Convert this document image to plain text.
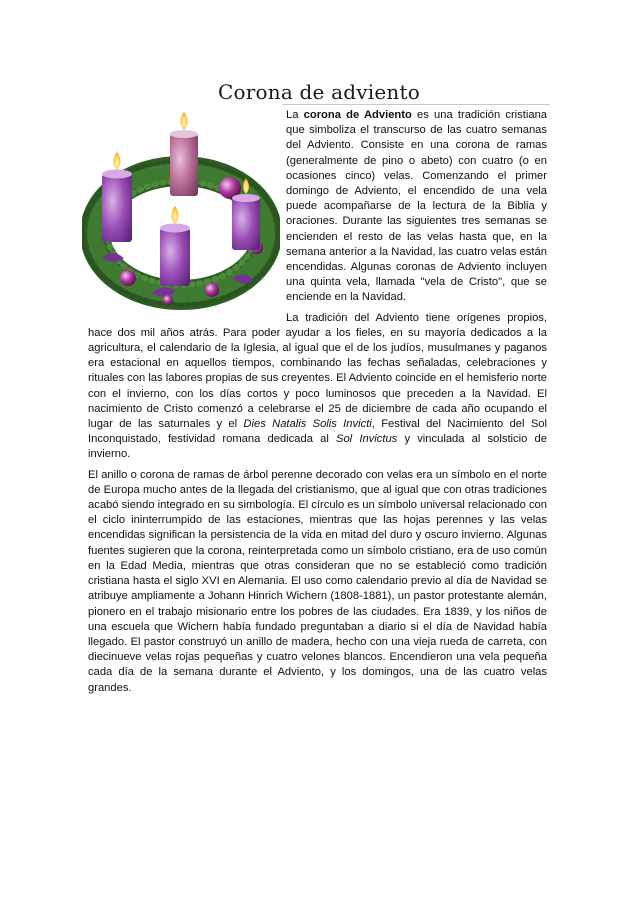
Corona de adviento

La corona de Adviento es una tradición cristiana que simboliza el transcurso de las cuatro semanas del Adviento. Consiste en una corona de ramas (generalmente de pino o abeto) con cuatro (o en ocasiones cinco) velas. Comenzando el primer domingo de Adviento, el encendido de una vela puede acompañarse de la lectura de la Biblia y oraciones. Durante las siguientes tres semanas se encienden el resto de las velas hasta que, en la semana anterior a la Navidad, las cuatro velas están encendidas. Algunas coronas de Adviento incluyen una quinta vela, llamada "vela de Cristo", que se enciende en la Navidad.

La tradición del Adviento tiene orígenes propios, hace dos mil años atrás. Para poder ayudar a los fieles, en su mayoría dedicados a la agricultura, el calendario de la Iglesia, al igual que el de los judíos, musulmanes y paganos era estacional en aquellos tiempos, combinando las fechas señaladas, celebraciones y rituales con las labores propias de sus creyentes. El Adviento coincide en el hemisferio norte con el invierno, con los días cortos y poco luminosos que preceden a la Navidad. El nacimiento de Cristo comenzó a celebrarse el 25 de diciembre de cada año ocupando el lugar de las saturnales y el Dies Natalis Solis Invicti, Festival del Nacimiento del Sol Inconquistado, festividad romana dedicada al Sol Invictus y vinculada al solsticio de invierno.

El anillo o corona de ramas de árbol perenne decorado con velas era un símbolo en el norte de Europa mucho antes de la llegada del cristianismo, que al igual que con otras tradiciones acabó siendo integrado en su simbología. El círculo es un símbolo universal relacionado con el ciclo ininterrumpido de las estaciones, mientras que las hojas perennes y las velas encendidas significan la persistencia de la vida en mitad del duro y oscuro invierno. Algunas fuentes sugieren que la corona, reinterpretada como un símbolo cristiano, era de uso común en la Edad Media, mientras que otras consideran que no se estableció como tradición cristiana hasta el siglo XVI en Alemania. El uso como calendario previo al día de Navidad se atribuye ampliamente a Johann Hinrich Wichern (1808-1881), un pastor protestante alemán, pionero en el trabajo misionario entre los pobres de las ciudades. Era 1839, y los niños de una escuela que Wichern había fundado preguntaban a diario si el día de Navidad había llegado. El pastor construyó un anillo de madera, hecho con una vieja rueda de carreta, con diecinueve velas rojas pequeñas y cuatro velones blancos. Encendieron una vela pequeña cada día de la semana durante el Adviento, y los domingos, una de las cuatro velas grandes.
